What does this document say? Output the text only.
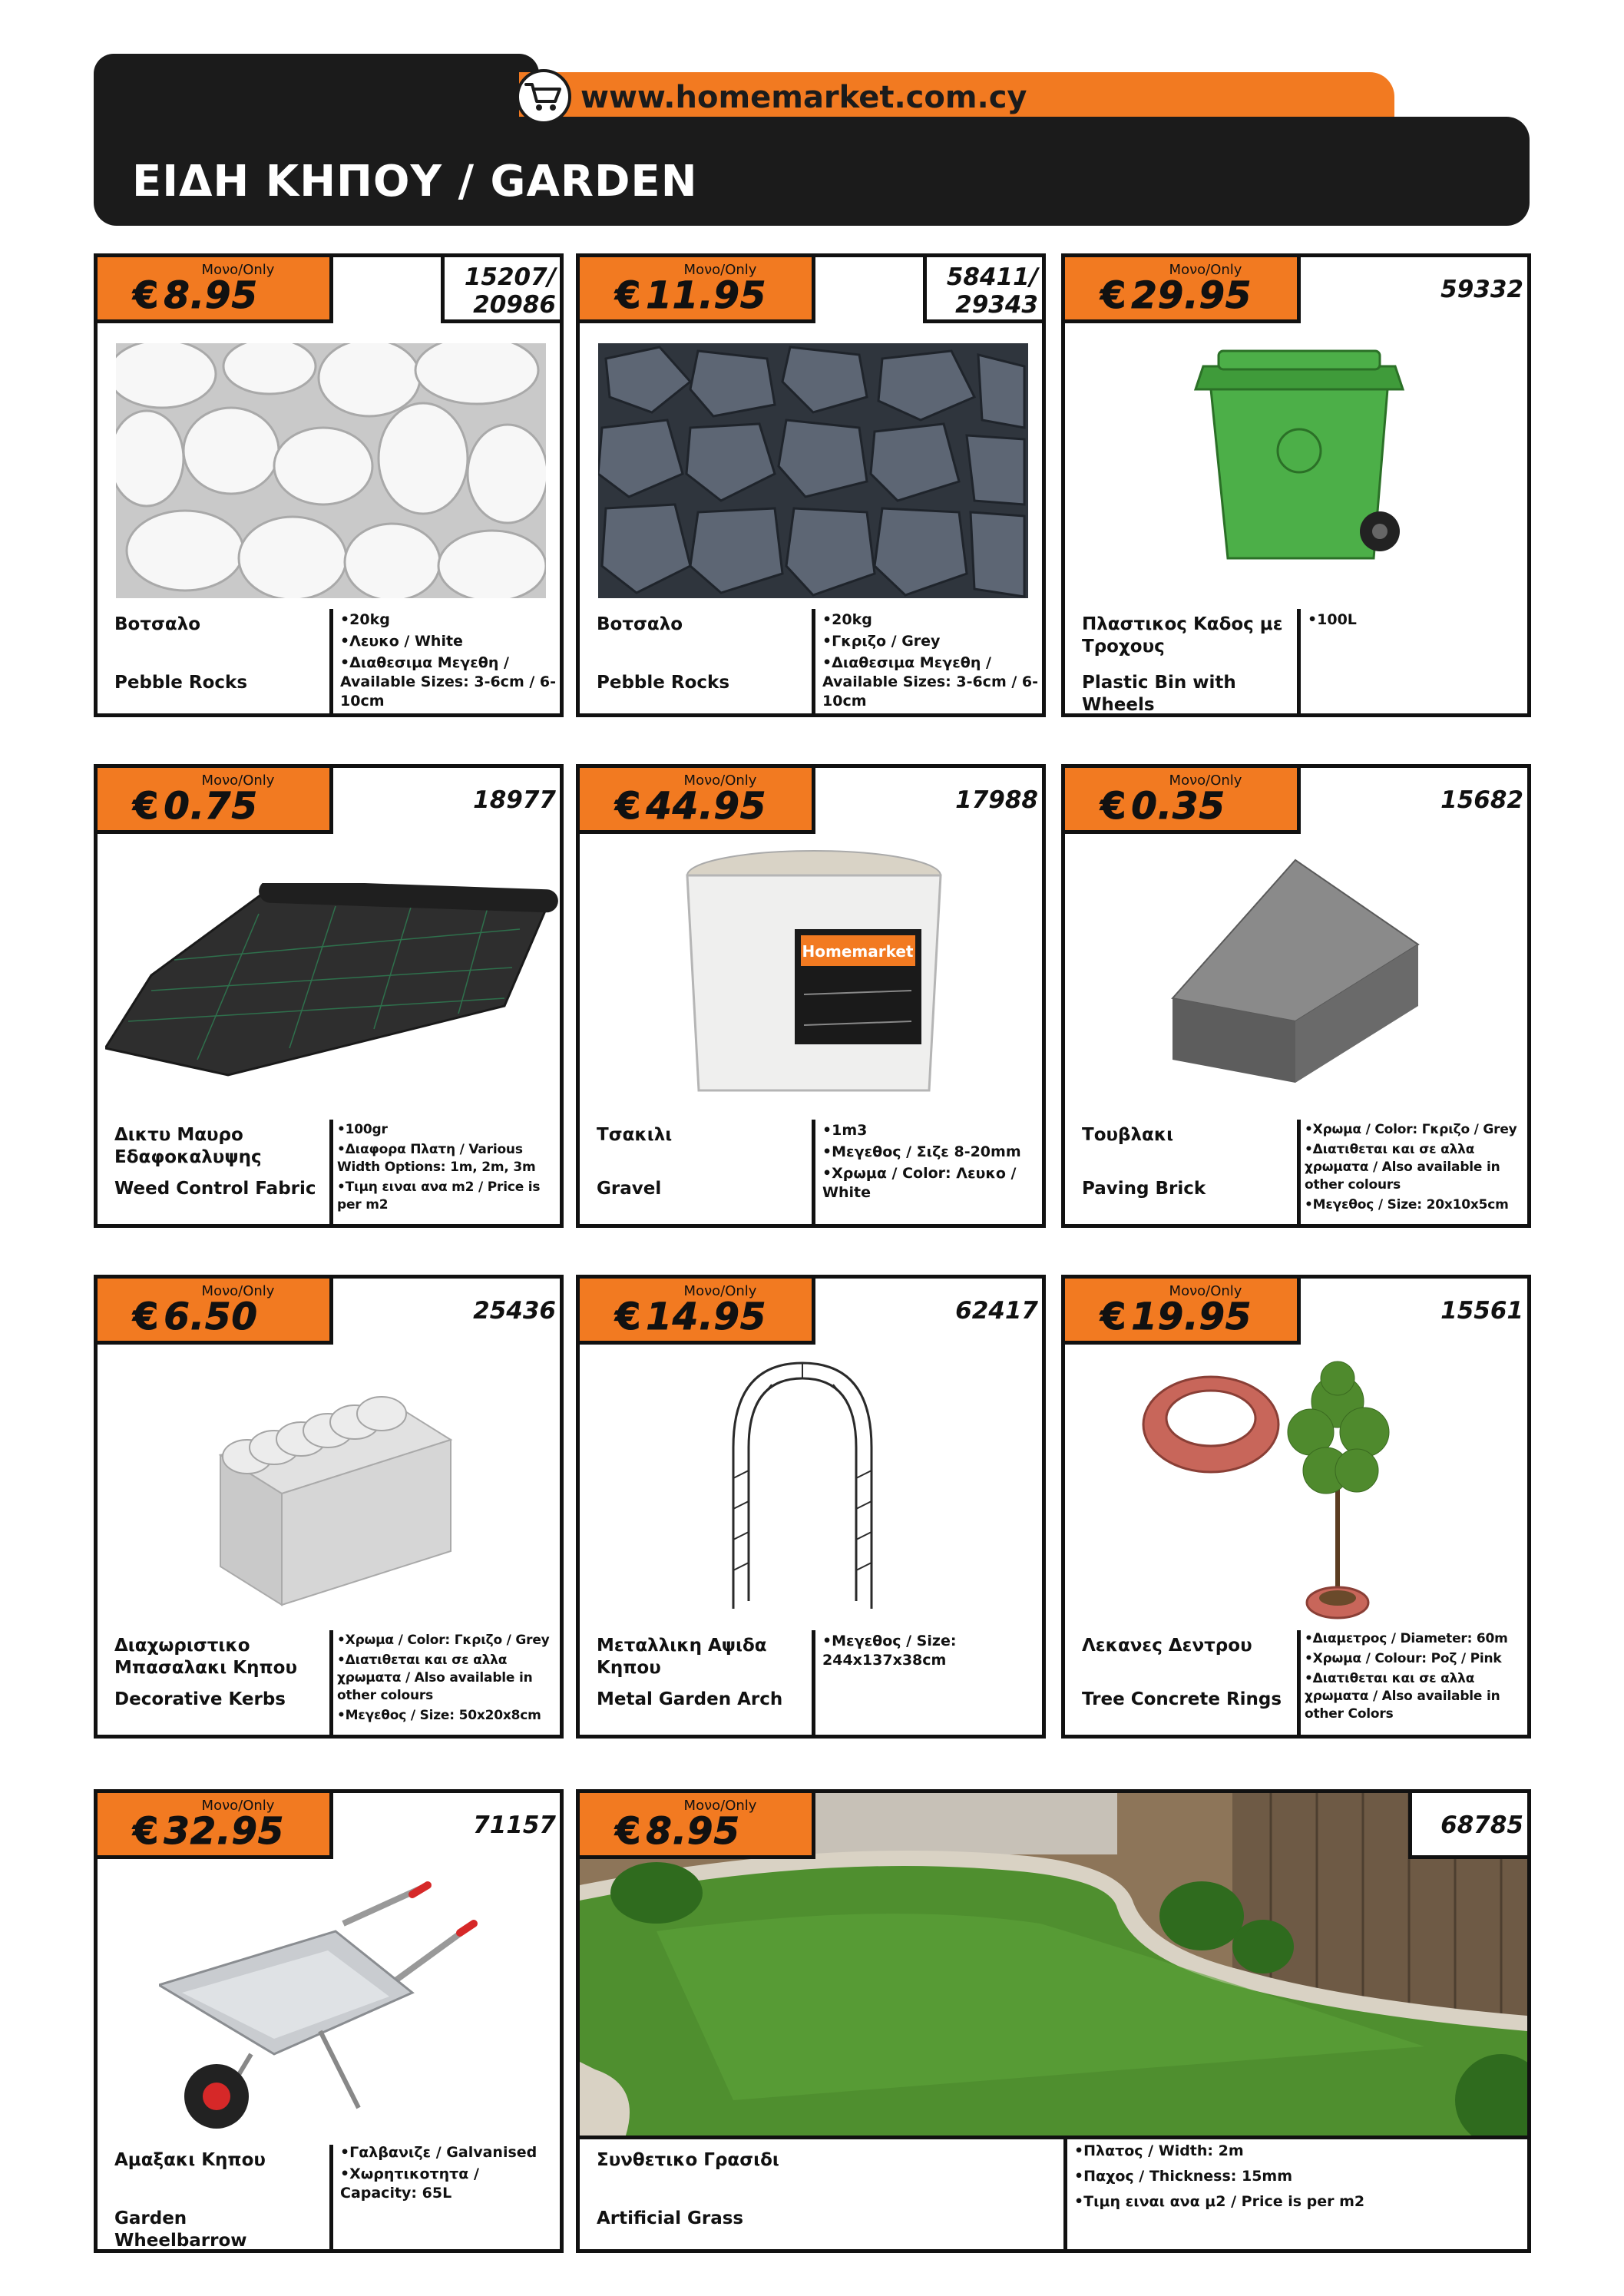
www.homemarket.com.cy
ΕΙΔΗ ΚΗΠΟΥ / GARDEN
Μονο/Only
€ 8.95	15207/
20986
Βοτσαλο
Pebble Rocks
•20kg
•Λευκο / White
•Διαθεσιμα Μεγεθη / Available Sizes: 3-6cm / 6-10cm
Μονο/Only
€ 11.95	58411/
29343
Βοτσαλο
Pebble Rocks
•20kg
•Γκριζο / Grey
•Διαθεσιμα Μεγεθη / Available Sizes: 3-6cm / 6-10cm
Μονο/Only
€ 29.95	59332
Πλαστικος Καδος με Τροχους
Plastic Bin with Wheels
•100L
Μονο/Only
€ 0.75	18977
Δικτυ Μαυρο Εδαφοκαλυψης
Weed Control Fabric
•100gr
•Διαφορα Πλατη / Various Width Options: 1m, 2m, 3m
•Τιμη ειναι ανα m2 / Price is per m2
Μονο/Only
€ 44.95	17988
Homemarket
Τσακιλι
Gravel
•1m3
•Μεγεθος / Σιζε 8-20mm
•Χρωμα / Color: Λευκο / White
Μονο/Only
€ 0.35	15682
Τουβλακι
Paving Brick
•Χρωμα / Color: Γκριζο / Grey
•Διατιθεται και σε αλλα χρωματα / Also available in other colours
•Μεγεθος / Size: 20x10x5cm
Μονο/Only
€ 6.50	25436
Διαχωριστικο Μπασαλακι Κηπου
Decorative Kerbs
•Χρωμα / Color: Γκριζο / Grey
•Διατιθεται και σε αλλα χρωματα / Also available in other colours
•Μεγεθος / Size: 50x20x8cm
Μονο/Only
€ 14.95	62417
Μεταλλικη Αψιδα Κηπου
Metal Garden Arch
•Μεγεθος / Size: 244x137x38cm
Μονο/Only
€ 19.95	15561
Λεκανες Δεντρου
Tree Concrete Rings
•Διαμετρος / Diameter: 60m
•Χρωμα / Colour: Ροζ / Pink
•Διατιθεται και σε αλλα χρωματα / Also available in other Colors
Μονο/Only
€ 32.95	71157
Αμαξακι Κηπου
Garden Wheelbarrow
•Γαλβανιζε / Galvanised
•Χωρητικοτητα / Capacity: 65L
Μονο/Only
€ 8.95	68785
Συνθετικο Γρασιδι
Artificial Grass
•Πλατος / Width: 2m
•Παχος / Thickness: 15mm
•Τιμη ειναι ανα μ2 / Price is per m2
